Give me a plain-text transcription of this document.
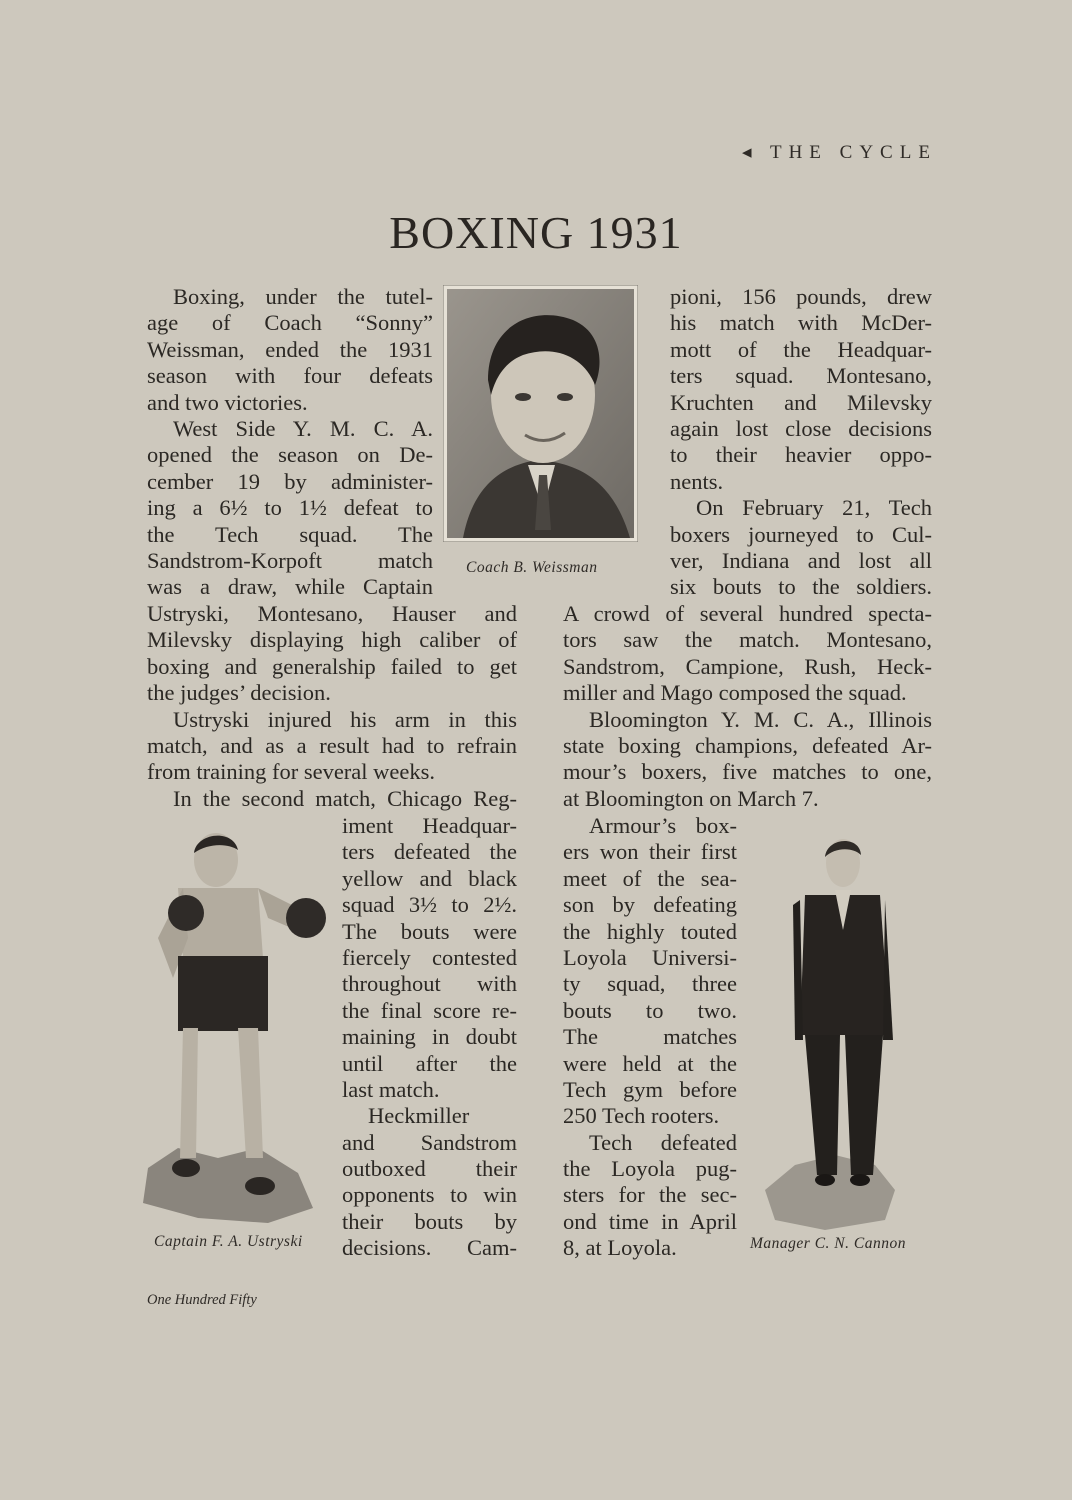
◂ THE CYCLE
BOXING 1931
Boxing, under the tutel-
age of Coach “Sonny”
Weissman, ended the 1931
season with four defeats
and two victories.
West Side Y. M. C. A.
opened the season on De-
cember 19 by administer-
ing a 6½ to 1½ defeat to
the Tech squad. The
Sandstrom-Korpoft match
was a draw, while Captain
Ustryski, Montesano, Hauser and
Milevsky displaying high caliber of
boxing and generalship failed to get
the judges’ decision.
Ustryski injured his arm in this
match, and as a result had to refrain
from training for several weeks.
In the second match, Chicago Reg-
iment Headquar-
ters defeated the
yellow and black
squad 3½ to 2½.
The bouts were
fiercely contested
throughout with
the final score re-
maining in doubt
until after the
last match.
Heckmiller
and Sandstrom
outboxed their
opponents to win
their bouts by
decisions. Cam-
pioni, 156 pounds, drew
his match with McDer-
mott of the Headquar-
ters squad. Montesano,
Kruchten and Milevsky
again lost close decisions
to their heavier oppo-
nents.
On February 21, Tech
boxers journeyed to Cul-
ver, Indiana and lost all
six bouts to the soldiers.
A crowd of several hundred specta-
tors saw the match. Montesano,
Sandstrom, Campione, Rush, Heck-
miller and Mago composed the squad.
Bloomington Y. M. C. A., Illinois
state boxing champions, defeated Ar-
mour’s boxers, five matches to one,
at Bloomington on March 7.
Armour’s box-
ers won their first
meet of the sea-
son by defeating
the highly touted
Loyola Universi-
ty squad, three
bouts to two.
The matches
were held at the
Tech gym before
250 Tech rooters.
Tech defeated
the Loyola pug-
sters for the sec-
ond time in April
8, at Loyola.
Coach B. Weissman
Captain F. A. Ustryski	Manager C. N. Cannon
One Hundred Fifty
